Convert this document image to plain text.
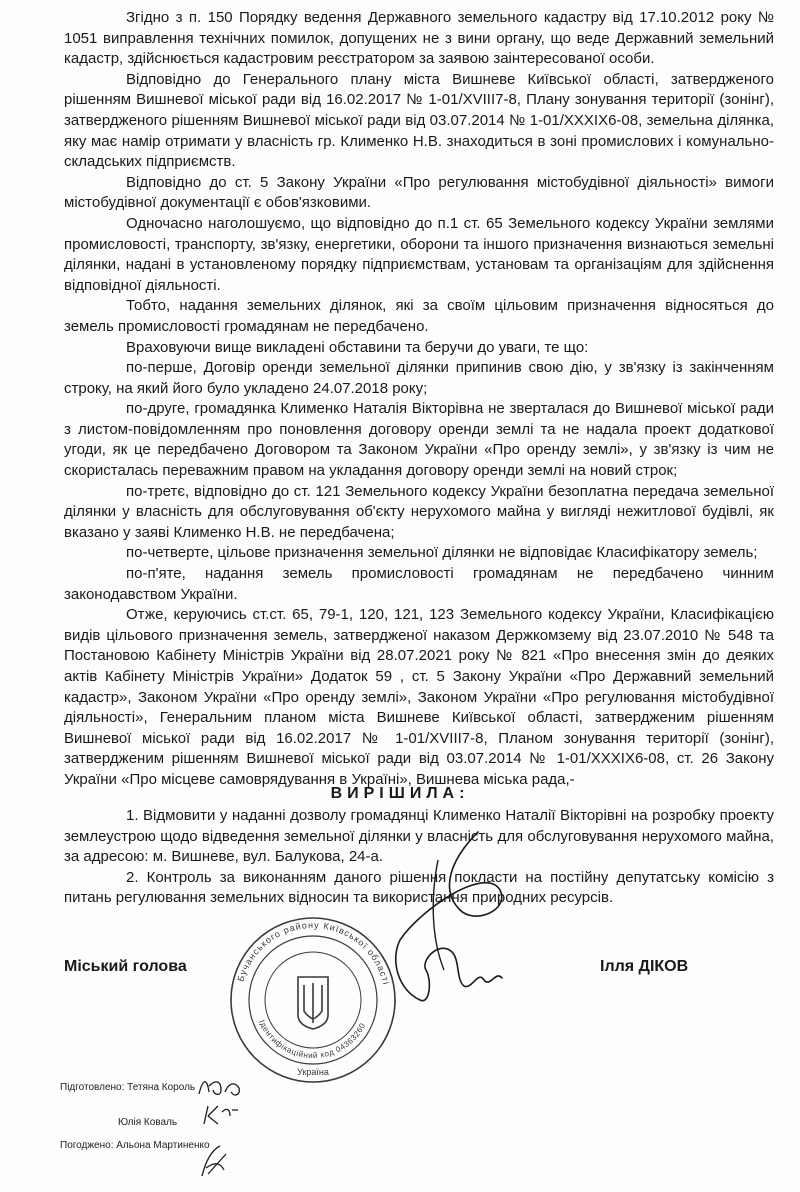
Згідно з п. 150 Порядку ведення Державного земельного кадастру від 17.10.2012 року № 1051 виправлення технічних помилок, допущених не з вини органу, що веде Державний земельний кадастр, здійснюється кадастровим реєстратором за заявою заінтересованої особи.

Відповідно до Генерального плану міста Вишневе Київської області, затвердженого рішенням Вишневої міської ради від 16.02.2017 № 1-01/XVIII7-8, Плану зонування території (зонінг), затвердженого рішенням Вишневої міської ради від 03.07.2014 № 1-01/XXXIX6-08, земельна ділянка, яку має намір отримати у власність гр. Клименко Н.В. знаходиться в зоні промислових і комунально-складських підприємств.

Відповідно до ст. 5 Закону України «Про регулювання містобудівної діяльності» вимоги містобудівної документації є обов'язковими.

Одночасно наголошуємо, що відповідно до п.1 ст. 65 Земельного кодексу України землями промисловості, транспорту, зв'язку, енергетики, оборони та іншого призначення визнаються земельні ділянки, надані в установленому порядку підприємствам, установам та організаціям для здійснення відповідної діяльності.

Тобто, надання земельних ділянок, які за своїм цільовим призначення відносяться до земель промисловості громадянам не передбачено.

Враховуючи вище викладені обставини та беручи до уваги, те що:

по-перше, Договір оренди земельної ділянки припинив свою дію, у зв'язку із закінченням строку, на який його було укладено 24.07.2018 року;

по-друге, громадянка Клименко Наталія Вікторівна не зверталася до Вишневої міської ради з листом-повідомленням про поновлення договору оренди землі та не надала проект додаткової угоди, як це передбачено Договором та Законом України «Про оренду землі», у зв'язку із чим не скористалась переважним правом на укладання договору оренди землі на новий строк;

по-третє, відповідно до ст. 121 Земельного кодексу України безоплатна передача земельної ділянки у власність для обслуговування об'єкту нерухомого майна у вигляді нежитлової будівлі, як вказано у заяві Клименко Н.В. не передбачена;

по-четверте, цільове призначення земельної ділянки не відповідає Класифікатору земель;

по-п'яте, надання земель промисловості громадянам не передбачено чинним законодавством України.

Отже, керуючись ст.ст. 65, 79-1, 120, 121, 123 Земельного кодексу України, Класифікацією видів цільового призначення земель, затвердженої наказом Держкомзему від 23.07.2010 № 548 та Постановою Кабінету Міністрів України від 28.07.2021 року № 821 «Про внесення змін до деяких актів Кабінету Міністрів України» Додаток 59 , ст. 5 Закону України «Про Державний земельний кадастр», Законом України «Про оренду землі», Законом України «Про регулювання містобудівної діяльності», Генеральним планом міста Вишневе Київської області, затвердженим рішенням Вишневої міської ради від 16.02.2017 № 1-01/XVIII7-8, Планом зонування території (зонінг), затвердженим рішенням Вишневої міської ради від 03.07.2014 № 1-01/XXXIX6-08, ст. 26 Закону України «Про місцеве самоврядування в Україні», Вишнева міська рада,-

ВИРІШИЛА:

1. Відмовити у наданні дозволу громадянці Клименко Наталії Вікторівні на розробку проекту землеустрою щодо відведення земельної ділянки у власність для обслуговування нерухомого майна, за адресою: м. Вишневе, вул. Балукова, 24-а.

2. Контроль за виконанням даного рішення покласти на постійну депутатську комісію з питань регулювання земельних відносин та використання природних ресурсів.

Міський голова	Ілля ДІКОВ
Бучанського району Київської області
Ідентифікаційний код 04363260
Україна
Підготовлено: Тетяна Король
Юлія Коваль
Погоджено: Альона Мартиненко
